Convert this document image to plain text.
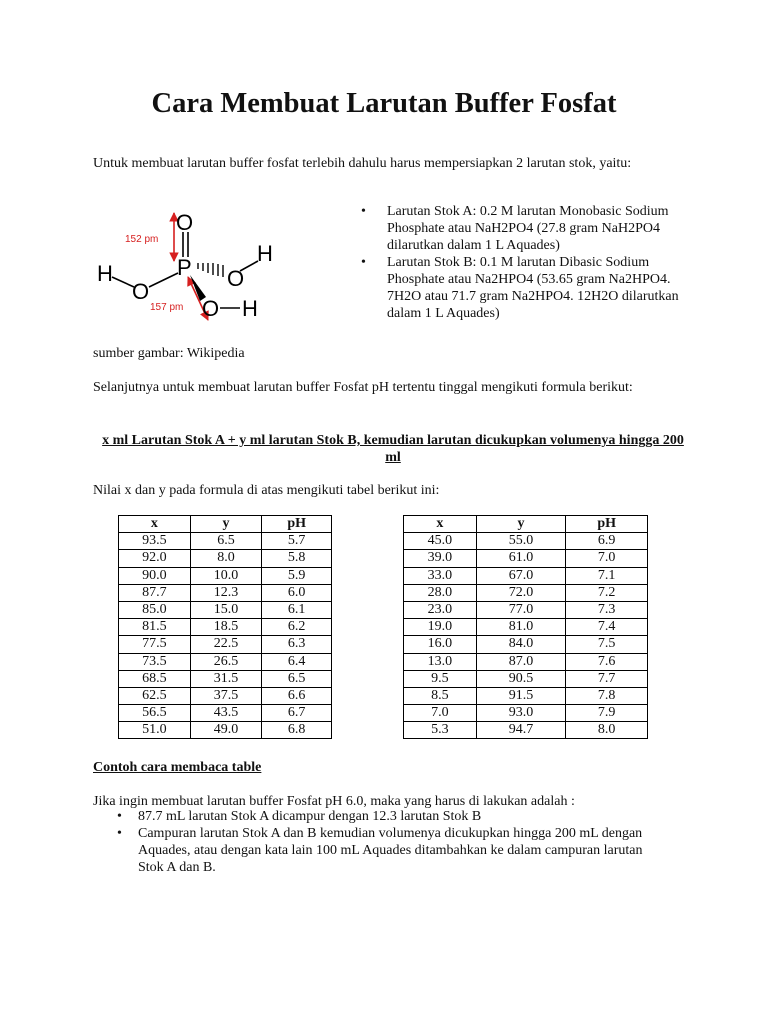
Cara Membuat Larutan Buffer Fosfat
Untuk membuat larutan buffer fosfat terlebih dahulu harus mempersiapkan 2 larutan stok, yaitu:
152 pm
157 pm
O
P
O
H	O
H
O H
• Larutan Stok A: 0.2 M larutan Monobasic Sodium Phosphate atau NaH2PO4 (27.8 gram NaH2PO4 dilarutkan dalam 1 L Aquades)
• Larutan Stok B: 0.1 M larutan Dibasic Sodium Phosphate atau Na2HPO4 (53.65 gram Na2HPO4. 7H2O atau 71.7 gram Na2HPO4. 12H2O dilarutkan dalam 1 L Aquades)
sumber gambar: Wikipedia
Selanjutnya untuk membuat larutan buffer Fosfat pH tertentu tinggal mengikuti formula berikut:
x ml Larutan Stok A + y ml larutan Stok B, kemudian larutan dicukupkan volumenya hingga 200 ml
Nilai x dan y pada formula di atas mengikuti tabel berikut ini:
x	y	pH
93.5	6.5	5.7
92.0	8.0	5.8
90.0	10.0	5.9
87.7	12.3	6.0
85.0	15.0	6.1
81.5	18.5	6.2
77.5	22.5	6.3
73.5	26.5	6.4
68.5	31.5	6.5
62.5	37.5	6.6
56.5	43.5	6.7
51.0	49.0	6.8
x	y	pH
45.0	55.0	6.9
39.0	61.0	7.0
33.0	67.0	7.1
28.0	72.0	7.2
23.0	77.0	7.3
19.0	81.0	7.4
16.0	84.0	7.5
13.0	87.0	7.6
9.5	90.5	7.7
8.5	91.5	7.8
7.0	93.0	7.9
5.3	94.7	8.0
Contoh cara membaca table
Jika ingin membuat larutan buffer Fosfat pH 6.0, maka yang harus di lakukan adalah :
• 87.7 mL larutan Stok A dicampur dengan 12.3 larutan Stok B
• Campuran larutan Stok A dan B kemudian volumenya dicukupkan hingga 200 mL dengan Aquades, atau dengan kata lain 100 mL Aquades ditambahkan ke dalam campuran larutan Stok A dan B.
